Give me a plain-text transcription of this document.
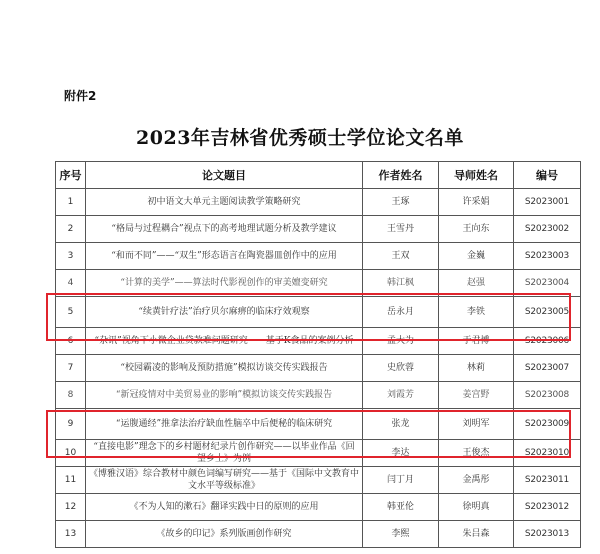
附件2
2023年吉林省优秀硕士学位论文名单
序号	论文题目	作者姓名	导师姓名	编号
1	初中语文大单元主题阅读教学策略研究	王琢	许采娟	S2023001
2	“格局与过程耦合”视点下的高考地理试题分析及教学建议	王雪丹	王向东	S2023002
3	“和而不同”——“双生”形态语言在陶瓷器皿创作中的应用	王双	金巍	S2023003
4	“计算的美学”——算法时代影视创作的审美嬗变研究	韩江枫	赵强	S2023004
5	“续黄针疗法”治疗贝尔麻痹的临床疗效观察	岳永月	李铁	S2023005
6	“杂讯”视角下小微企业贷款难问题研究——基于K食品的案例分析	孟大为	于君博	S2023006
7	“校园霸凌的影响及预防措施”模拟访谈交传实践报告	史欣蓉	林莉	S2023007
8	“新冠疫情对中美贸易业的影响”模拟访谈交传实践报告	刘霞芳	姜宫野	S2023008
9	“运腹通经”推拿法治疗缺血性脑卒中后便秘的临床研究	张龙	刘明军	S2023009
10	“直接电影”理念下的乡村题材纪录片创作研究——以毕业作品《回望乡土》为例	李达	王俊杰	S2023010
11	《博雅汉语》综合教材中颜色词编写研究——基于《国际中文教育中文水平等级标准》	闫丁月	金禹彤	S2023011
12	《不为人知的漱石》翻译实践中日的原则的应用	韩亚伦	徐明真	S2023012
13	《故乡的印记》系列版画创作研究	李熙	朱吕森	S2023013
